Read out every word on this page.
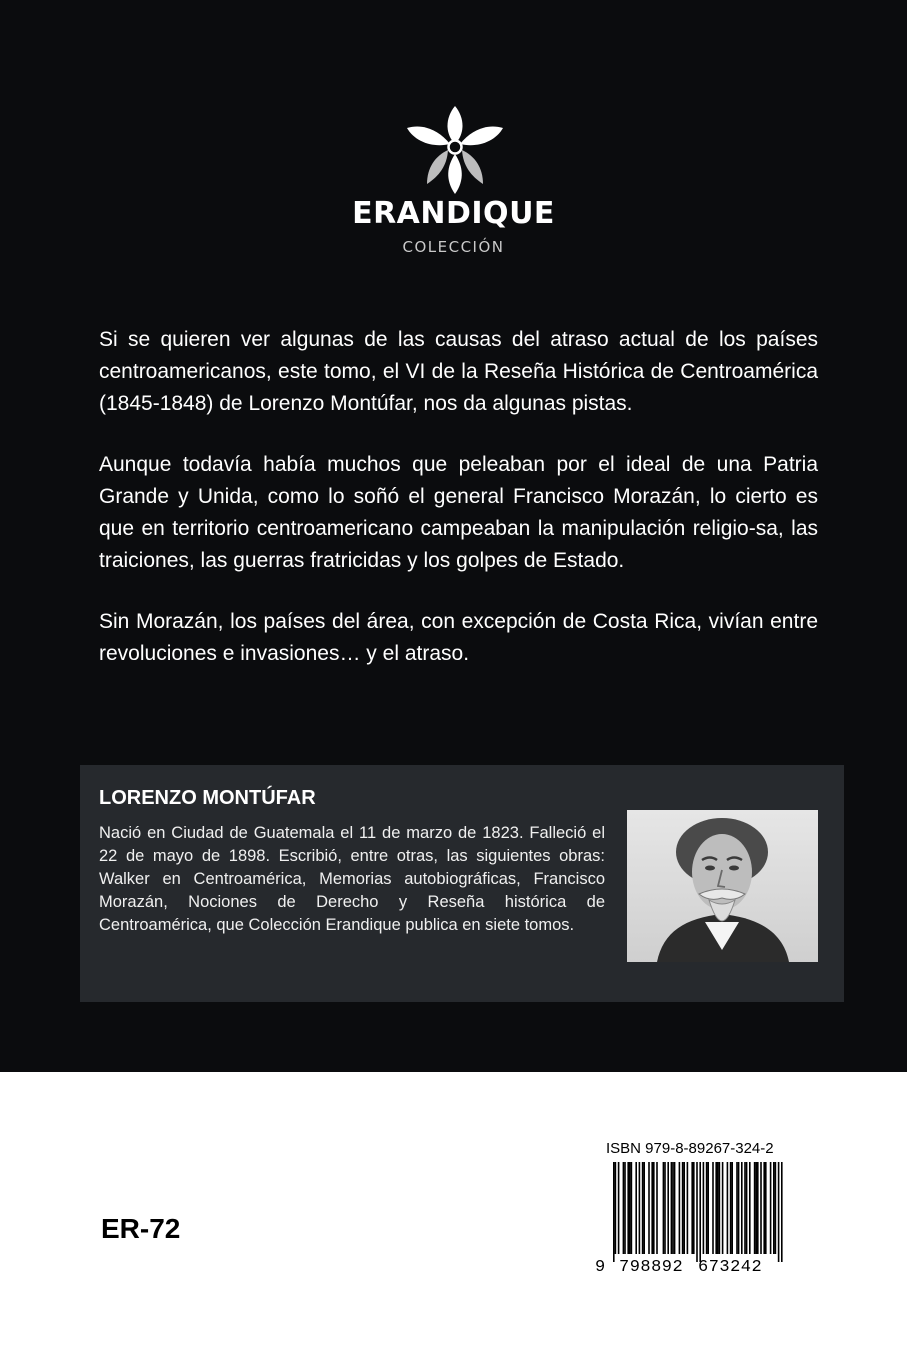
ERANDIQUE
COLECCIÓN

Si se quieren ver algunas de las causas del atraso actual de los países centroamericanos, este tomo, el VI de la Reseña Histórica de Centroamérica (1845-1848) de Lorenzo Montúfar, nos da algunas pistas.

Aunque todavía había muchos que peleaban por el ideal de una Patria Grande y Unida, como lo soñó el general Francisco Morazán, lo cierto es que en territorio centroamericano campeaban la manipulación religio-sa, las traiciones, las guerras fratricidas y los golpes de Estado.

Sin Morazán, los países del área, con excepción de Costa Rica, vivían entre revoluciones e invasiones… y el atraso.

LORENZO MONTÚFAR

Nació en Ciudad de Guatemala el 11 de marzo de 1823. Falleció el 22 de mayo de 1898. Escribió, entre otras, las siguientes obras: Walker en Centroamérica, Memorias autobiográficas, Francisco Morazán, Nociones de Derecho y Reseña histórica de Centroamérica, que Colección Erandique publica en siete tomos.

ER-72
ISBN 979-8-89267-324-2
9 798892 673242
